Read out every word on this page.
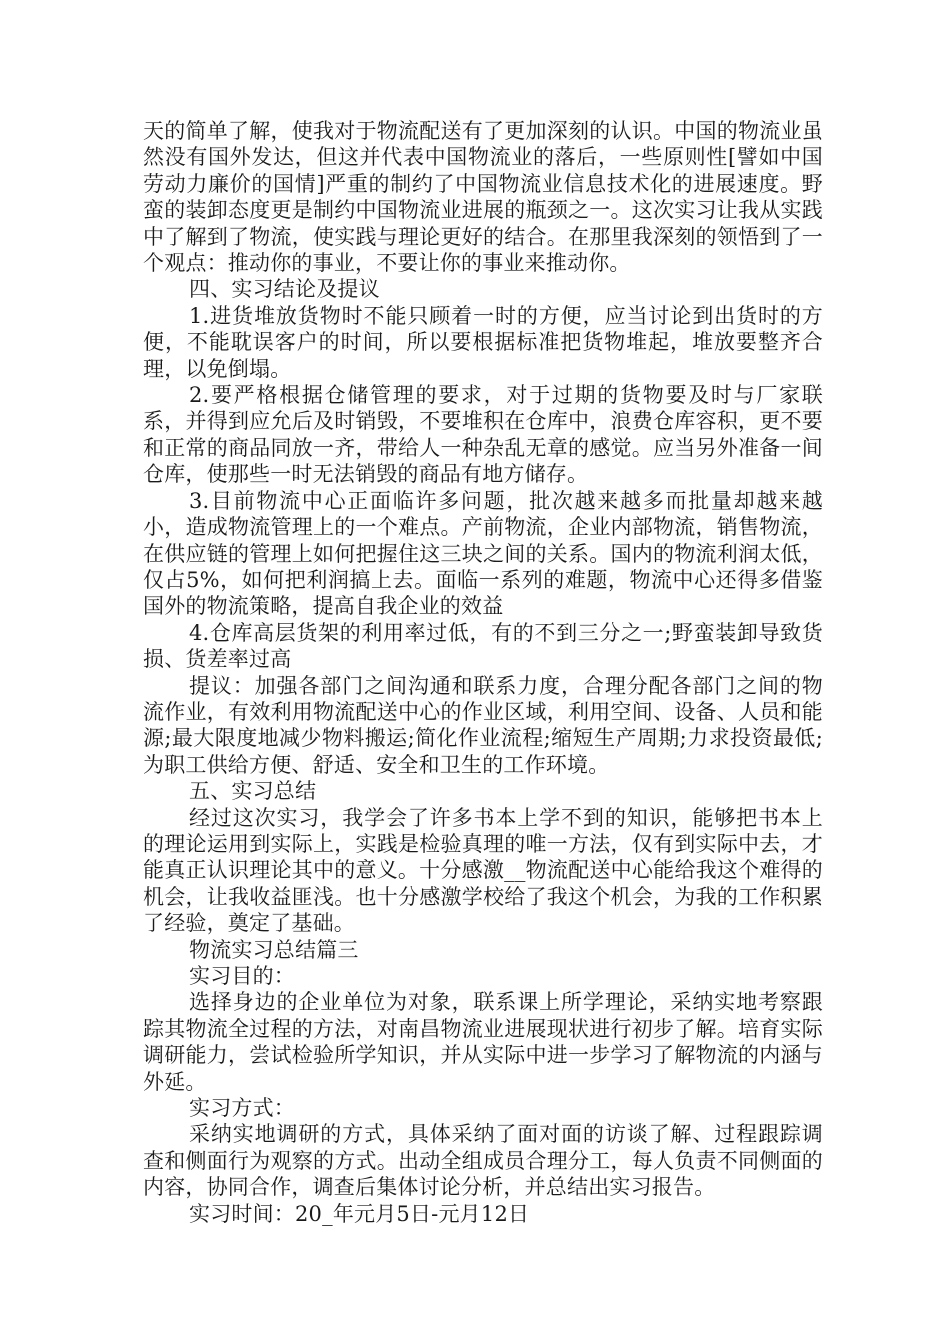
天的简单了解，使我对于物流配送有了更加深刻的认识。中国的物流业虽然没有国外发达，但这并代表中国物流业的落后，一些原则性[譬如中国劳动力廉价的国情]严重的制约了中国物流业信息技术化的进展速度。野蛮的装卸态度更是制约中国物流业进展的瓶颈之一。这次实习让我从实践中了解到了物流，使实践与理论更好的结合。在那里我深刻的领悟到了一个观点：推动你的事业，不要让你的事业来推动你。

四、实习结论及提议

1.进货堆放货物时不能只顾着一时的方便，应当讨论到出货时的方便，不能耽误客户的时间，所以要根据标准把货物堆起，堆放要整齐合理，以免倒塌。

2.要严格根据仓储管理的要求，对于过期的货物要及时与厂家联系，并得到应允后及时销毁，不要堆积在仓库中，浪费仓库容积，更不要和正常的商品同放一齐，带给人一种杂乱无章的感觉。应当另外准备一间仓库，使那些一时无法销毁的商品有地方储存。

3.目前物流中心正面临许多问题，批次越来越多而批量却越来越小，造成物流管理上的一个难点。产前物流，企业内部物流，销售物流，在供应链的管理上如何把握住这三块之间的关系。国内的物流利润太低，仅占5%，如何把利润搞上去。面临一系列的难题，物流中心还得多借鉴国外的物流策略，提高自我企业的效益

4.仓库高层货架的利用率过低，有的不到三分之一;野蛮装卸导致货损、货差率过高

提议：加强各部门之间沟通和联系力度，合理分配各部门之间的物流作业，有效利用物流配送中心的作业区域，利用空间、设备、人员和能源;最大限度地减少物料搬运;简化作业流程;缩短生产周期;力求投资最低;为职工供给方便、舒适、安全和卫生的工作环境。

五、实习总结

经过这次实习，我学会了许多书本上学不到的知识，能够把书本上的理论运用到实际上，实践是检验真理的唯一方法，仅有到实际中去，才能真正认识理论其中的意义。十分感激__物流配送中心能给我这个难得的机会，让我收益匪浅。也十分感激学校给了我这个机会，为我的工作积累了经验，奠定了基础。

物流实习总结篇三

实习目的：

选择身边的企业单位为对象，联系课上所学理论，采纳实地考察跟踪其物流全过程的方法，对南昌物流业进展现状进行初步了解。培育实际调研能力，尝试检验所学知识，并从实际中进一步学习了解物流的内涵与外延。

实习方式：

采纳实地调研的方式，具体采纳了面对面的访谈了解、过程跟踪调查和侧面行为观察的方式。出动全组成员合理分工，每人负责不同侧面的内容，协同合作，调查后集体讨论分析，并总结出实习报告。

实习时间：20_年元月5日-元月12日
